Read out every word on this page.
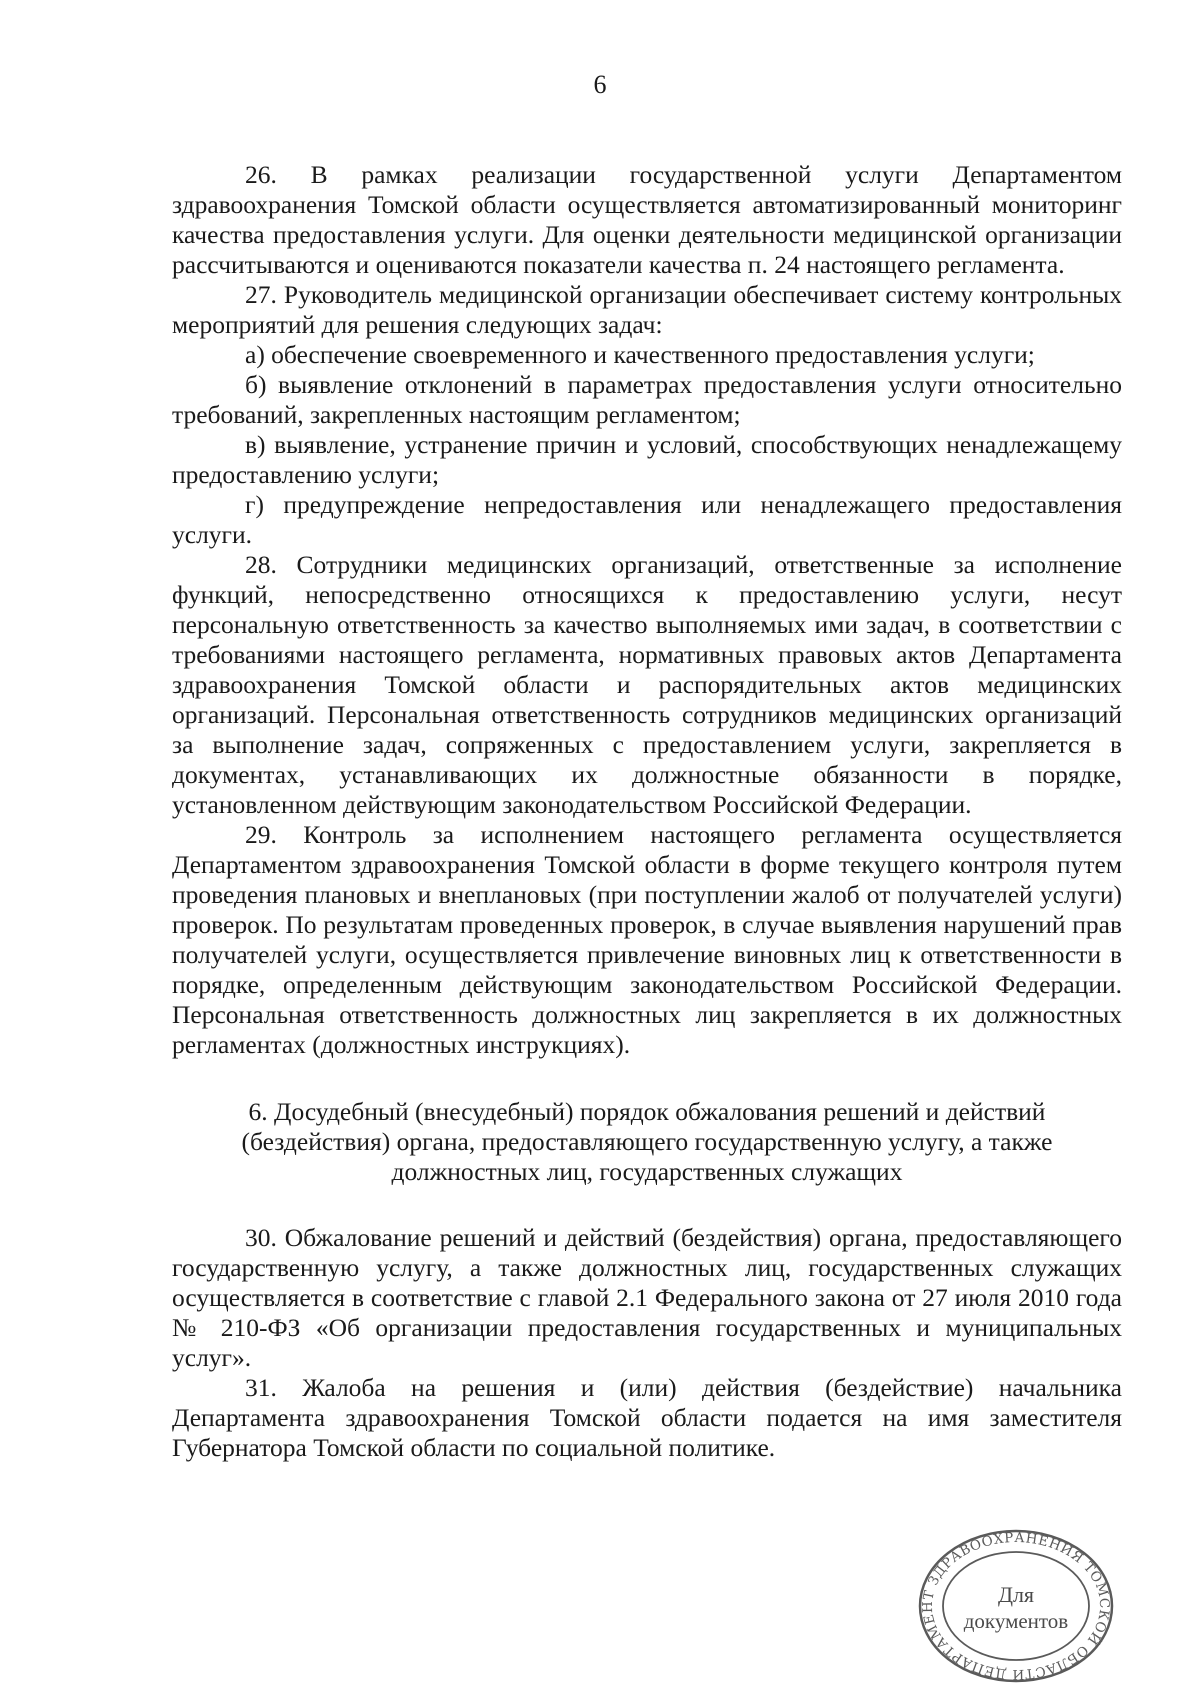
6

26. В рамках реализации государственной услуги Департаментом здравоохранения Томской области осуществляется автоматизированный мониторинг качества предоставления услуги. Для оценки деятельности медицинской организации рассчитываются и оцениваются показатели качества п. 24 настоящего регламента.

27. Руководитель медицинской организации обеспечивает систему контрольных мероприятий для решения следующих задач:

а) обеспечение своевременного и качественного предоставления услуги;

б) выявление отклонений в параметрах предоставления услуги относительно требований, закрепленных настоящим регламентом;

в) выявление, устранение причин и условий, способствующих ненадлежащему предоставлению услуги;

г) предупреждение непредоставления или ненадлежащего предоставления услуги.

28. Сотрудники медицинских организаций, ответственные за исполнение функций, непосредственно относящихся к предоставлению услуги, несут персональную ответственность за качество выполняемых ими задач, в соответствии с требованиями настоящего регламента, нормативных правовых актов Департамента здравоохранения Томской области и распорядительных актов медицинских организаций. Персональная ответственность сотрудников медицинских организаций за выполнение задач, сопряженных с предоставлением услуги, закрепляется в документах, устанавливающих их должностные обязанности в порядке, установленном действующим законодательством Российской Федерации.

29. Контроль за исполнением настоящего регламента осуществляется Департаментом здравоохранения Томской области в форме текущего контроля путем проведения плановых и внеплановых (при поступлении жалоб от получателей услуги) проверок. По результатам проведенных проверок, в случае выявления нарушений прав получателей услуги, осуществляется привлечение виновных лиц к ответственности в порядке, определенным действующим законодательством Российской Федерации. Персональная ответственность должностных лиц закрепляется в их должностных регламентах (должностных инструкциях).

6. Досудебный (внесудебный) порядок обжалования решений и действий
(бездействия) органа, предоставляющего государственную услугу, а также
должностных лиц, государственных служащих

30. Обжалование решений и действий (бездействия) органа, предоставляющего государственную услугу, а также должностных лиц, государственных служащих осуществляется в соответствие с главой 2.1 Федерального закона от 27 июля 2010 года № 210-ФЗ «Об организации предоставления государственных и муниципальных услуг».

31. Жалоба на решения и (или) действия (бездействие) начальника Департамента здравоохранения Томской области подается на имя заместителя Губернатора Томской области по социальной политике.

ДЕПАРТАМЕНТ ЗДРАВООХРАНЕНИЯ ТОМСКОЙ ОБЛАСТИ
Для
документов
